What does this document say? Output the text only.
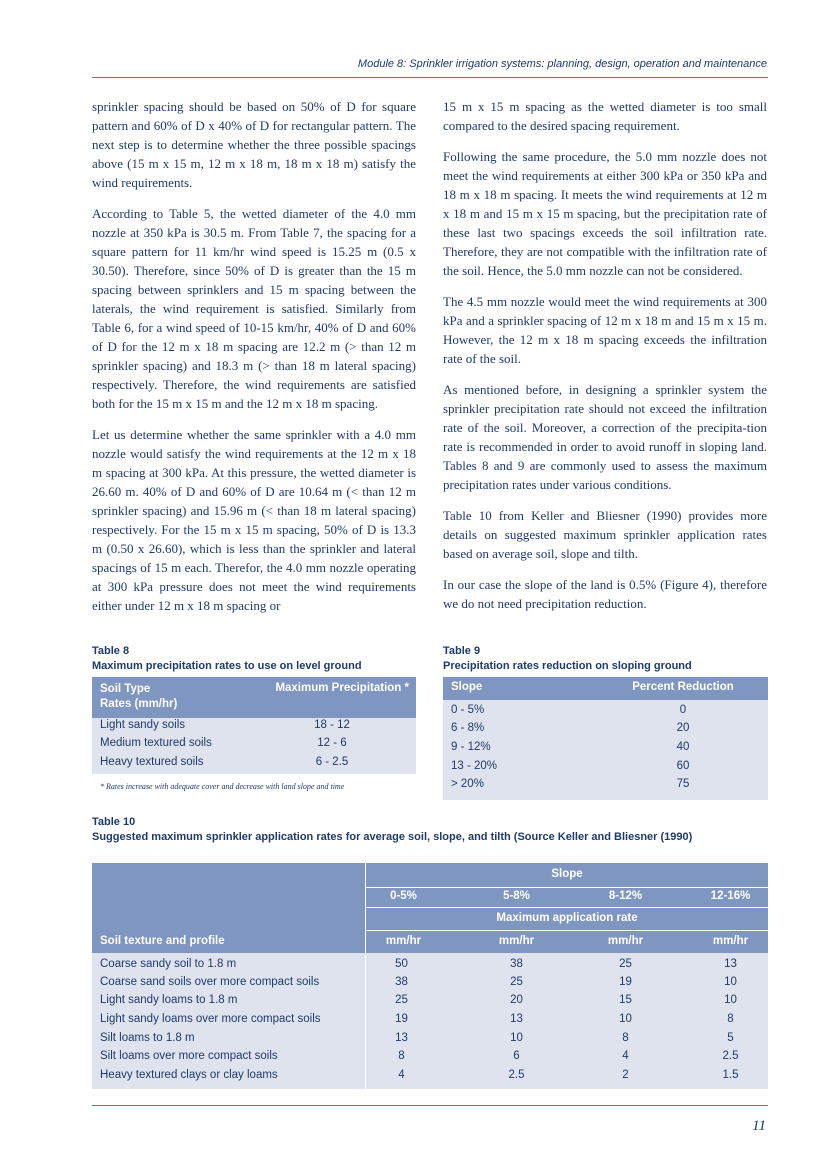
Module 8: Sprinkler irrigation systems: planning, design, operation and maintenance

sprinkler spacing should be based on 50% of D for square pattern and 60% of D x 40% of D for rectangular pattern. The next step is to determine whether the three possible spacings above (15 m x 15 m, 12 m x 18 m, 18 m x 18 m) satisfy the wind requirements.

According to Table 5, the wetted diameter of the 4.0 mm nozzle at 350 kPa is 30.5 m. From Table 7, the spacing for a square pattern for 11 km/hr wind speed is 15.25 m (0.5 x 30.50). Therefore, since 50% of D is greater than the 15 m spacing between sprinklers and 15 m spacing between the laterals, the wind requirement is satisfied. Similarly from Table 6, for a wind speed of 10-15 km/hr, 40% of D and 60% of D for the 12 m x 18 m spacing are 12.2 m (> than 12 m sprinkler spacing) and 18.3 m (> than 18 m lateral spacing) respectively. Therefore, the wind requirements are satisfied both for the 15 m x 15 m and the 12 m x 18 m spacing.

Let us determine whether the same sprinkler with a 4.0 mm nozzle would satisfy the wind requirements at the 12 m x 18 m spacing at 300 kPa. At this pressure, the wetted diameter is 26.60 m. 40% of D and 60% of D are 10.64 m (< than 12 m sprinkler spacing) and 15.96 m (< than 18 m lateral spacing) respectively. For the 15 m x 15 m spacing, 50% of D is 13.3 m (0.50 x 26.60), which is less than the sprinkler and lateral spacings of 15 m each. Therefor, the 4.0 mm nozzle operating at 300 kPa pressure does not meet the wind requirements either under 12 m x 18 m spacing or

15 m x 15 m spacing as the wetted diameter is too small compared to the desired spacing requirement.

Following the same procedure, the 5.0 mm nozzle does not meet the wind requirements at either 300 kPa or 350 kPa and 18 m x 18 m spacing. It meets the wind requirements at 12 m x 18 m and 15 m x 15 m spacing, but the precipitation rate of these last two spacings exceeds the soil infiltration rate. Therefore, they are not compatible with the infiltration rate of the soil. Hence, the 5.0 mm nozzle can not be considered.

The 4.5 mm nozzle would meet the wind requirements at 300 kPa and a sprinkler spacing of 12 m x 18 m and 15 m x 15 m. However, the 12 m x 18 m spacing exceeds the infiltration rate of the soil.

As mentioned before, in designing a sprinkler system the sprinkler precipitation rate should not exceed the infiltration rate of the soil. Moreover, a correction of the precipita-tion rate is recommended in order to avoid runoff in sloping land. Tables 8 and 9 are commonly used to assess the maximum precipitation rates under various conditions.

Table 10 from Keller and Bliesner (1990) provides more details on suggested maximum sprinkler application rates based on average soil, slope and tilth.

In our case the slope of the land is 0.5% (Figure 4), therefore we do not need precipitation reduction.

Table 8
Maximum precipitation rates to use on level ground
Soil Type
Rates (mm/hr)
Maximum Precipitation *
Light sandy soils	18 - 12
Medium textured soils	12 - 6
Heavy textured soils	6 - 2.5
* Rates increase with adequate cover and decrease with land slope and time
Table 9
Precipitation rates reduction on sloping ground
Slope	Percent Reduction
0 - 5%	0
6 - 8%	20
9 - 12%	40
13 - 20%	60
> 20%	75
Table 10
Suggested maximum sprinkler application rates for average soil, slope, and tilth (Source Keller and Bliesner (1990)
Slope
0-5%	5-8%	8-12%	12-16%
Maximum application rate
Soil texture and profile	mm/hr	mm/hr	mm/hr	mm/hr
Coarse sandy soil to 1.8 m	50	38	25	13
Coarse sand soils over more compact soils	38	25	19	10
Light sandy loams to 1.8 m	25	20	15	10
Light sandy loams over more compact soils	19	13	10	8
Silt loams to 1.8 m	13	10	8	5
Silt loams over more compact soils	8	6	4	2.5
Heavy textured clays or clay loams	4	2.5	2	1.5
11
